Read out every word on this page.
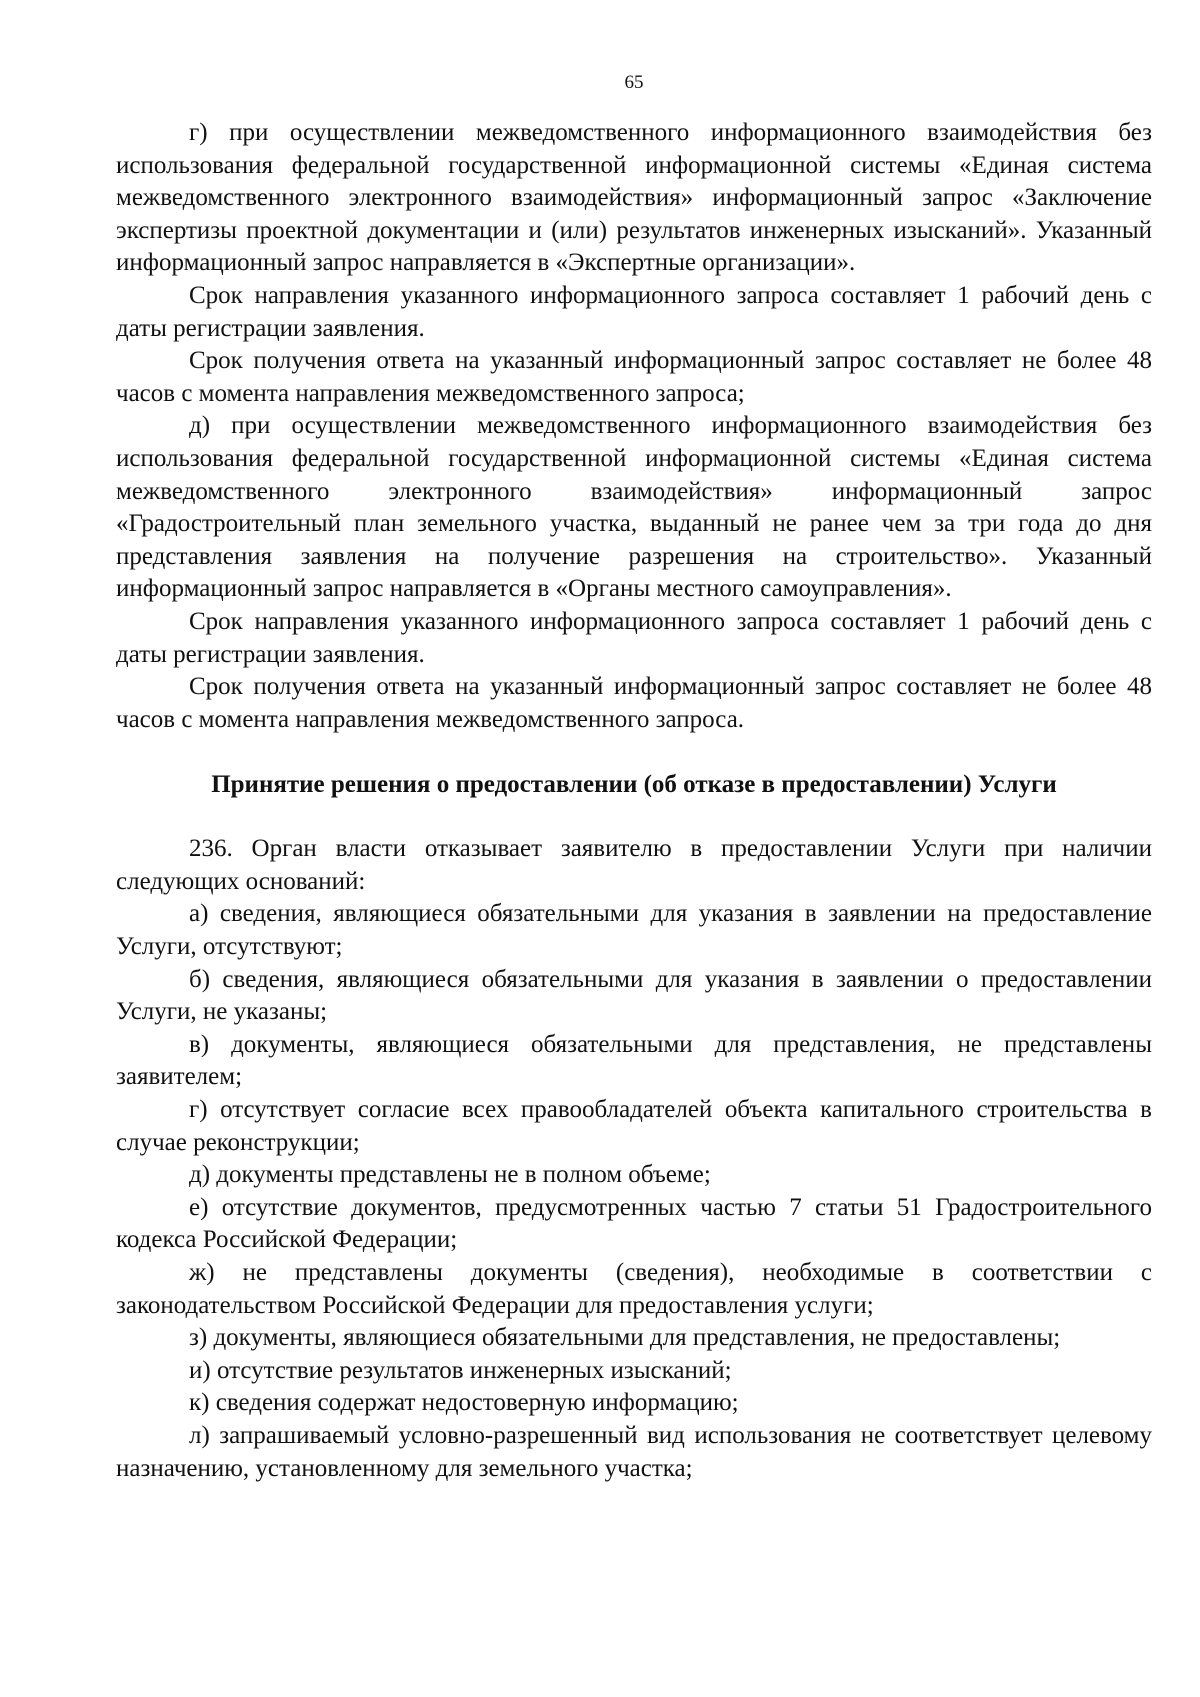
65

г) при осуществлении межведомственного информационного взаимодействия без использования федеральной государственной информационной системы «Единая система межведомственного электронного взаимодействия» информационный запрос «Заключение экспертизы проектной документации и (или) результатов инженерных изысканий». Указанный информационный запрос направляется в «Экспертные организации».

Срок направления указанного информационного запроса составляет 1 рабочий день с даты регистрации заявления.

Срок получения ответа на указанный информационный запрос составляет не более 48 часов с момента направления межведомственного запроса;

д) при осуществлении межведомственного информационного взаимодействия без использования федеральной государственной информационной системы «Единая система межведомственного электронного взаимодействия» информационный запрос «Градостроительный план земельного участка, выданный не ранее чем за три года до дня представления заявления на получение разрешения на строительство». Указанный информационный запрос направляется в «Органы местного самоуправления».

Срок направления указанного информационного запроса составляет 1 рабочий день с даты регистрации заявления.

Срок получения ответа на указанный информационный запрос составляет не более 48 часов с момента направления межведомственного запроса.

Принятие решения о предоставлении (об отказе в предоставлении) Услуги

236. Орган власти отказывает заявителю в предоставлении Услуги при наличии следующих оснований:

а) сведения, являющиеся обязательными для указания в заявлении на предоставление Услуги, отсутствуют;

б) сведения, являющиеся обязательными для указания в заявлении о предоставлении Услуги, не указаны;

в) документы, являющиеся обязательными для представления, не представлены заявителем;

г) отсутствует согласие всех правообладателей объекта капитального строительства в случае реконструкции;

д) документы представлены не в полном объеме;

е) отсутствие документов, предусмотренных частью 7 статьи 51 Градостроительного кодекса Российской Федерации;

ж) не представлены документы (сведения), необходимые в соответствии с законодательством Российской Федерации для предоставления услуги;

з) документы, являющиеся обязательными для представления, не предоставлены;

и) отсутствие результатов инженерных изысканий;

к) сведения содержат недостоверную информацию;

л) запрашиваемый условно-разрешенный вид использования не соответствует целевому назначению, установленному для земельного участка;
